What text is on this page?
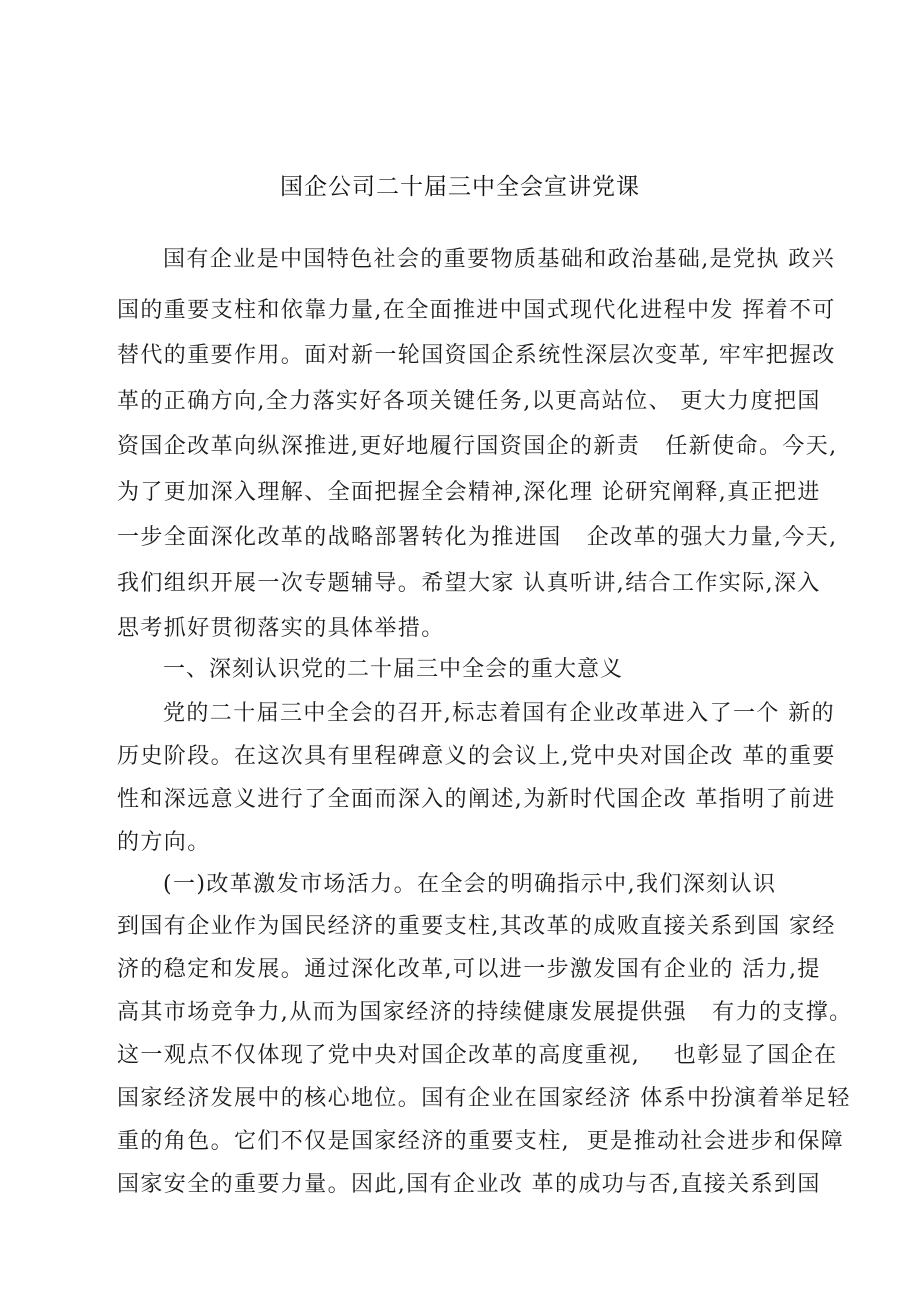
国企公司二十届三中全会宣讲党课
国有企业是中国特色社会的重要物质基础和政治基础,是党执 政兴
国的重要支柱和依靠力量,在全面推进中国式现代化进程中发 挥着不可
替代的重要作用。面对新一轮国资国企系统性深层次变革, 牢牢把握改
革的正确方向,全力落实好各项关键任务,以更高站位、 更大力度把国
资国企改革向纵深推进,更好地履行国资国企的新责   任新使命。今天,
为了更加深入理解、全面把握全会精神,深化理 论研究阐释,真正把进
一步全面深化改革的战略部署转化为推进国   企改革的强大力量,今天,
我们组织开展一次专题辅导。希望大家 认真听讲,结合工作实际,深入
思考抓好贯彻落实的具体举措。
一、深刻认识党的二十届三中全会的重大意义
党的二十届三中全会的召开,标志着国有企业改革进入了一个 新的
历史阶段。在这次具有里程碑意义的会议上,党中央对国企改 革的重要
性和深远意义进行了全面而深入的阐述,为新时代国企改 革指明了前进
的方向。
(一)改革激发市场活力。在全会的明确指示中,我们深刻认识
到国有企业作为国民经济的重要支柱,其改革的成败直接关系到国 家经
济的稳定和发展。通过深化改革,可以进一步激发国有企业的 活力,提
高其市场竞争力,从而为国家经济的持续健康发展提供强   有力的支撑。
这一观点不仅体现了党中央对国企改革的高度重视,    也彰显了国企在
国家经济发展中的核心地位。国有企业在国家经济 体系中扮演着举足轻
重的角色。它们不仅是国家经济的重要支柱,  更是推动社会进步和保障
国家安全的重要力量。因此,国有企业改 革的成功与否,直接关系到国
